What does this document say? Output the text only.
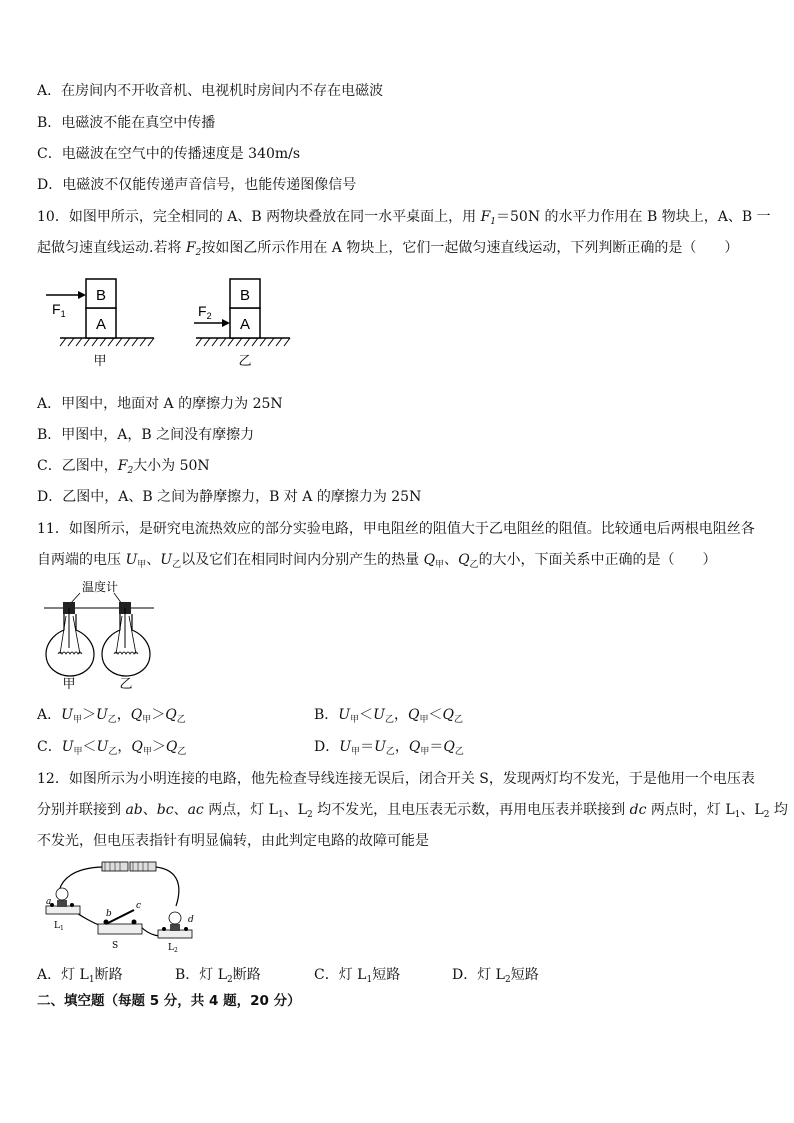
A．在房间内不开收音机、电视机时房间内不存在电磁波
B．电磁波不能在真空中传播
C．电磁波在空气中的传播速度是 340m/s
D．电磁波不仅能传递声音信号，也能传递图像信号
10．如图甲所示，完全相同的 A、B 两物块叠放在同一水平桌面上，用 $F_1=50N$ 的水平力作用在 B 物块上，A、B 一
起做匀速直线运动.若将 $F_2$按如图乙所示作用在 A 物块上，它们一起做匀速直线运动，下列判断正确的是（　　）
A
B
$F_1$
甲
A
B
$F_2$
乙
A．甲图中，地面对 A 的摩擦力为 25N
B．甲图中，A，B 之间没有摩擦力
C．乙图中，$F_2$大小为 50N
D．乙图中，A、B 之间为静摩擦力，B 对 A 的摩擦力为 25N
11．如图所示，是研究电流热效应的部分实验电路，甲电阻丝的阻值大于乙电阻丝的阻值。比较通电后两根电阻丝各
自两端的电压 $U_甲$、$U_乙$以及它们在相同时间内分别产生的热量 $Q_甲$、$Q_乙$的大小，下面关系中正确的是（　　）
温度计
甲	乙
A．$U_甲>U_乙$，$Q_甲>Q_乙$	B．$U_甲<U_乙$，$Q_甲<Q_乙$
C．$U_甲<U_乙$，$Q_甲>Q_乙$	D．$U_甲=U_乙$，$Q_甲=Q_乙$
12．如图所示为小明连接的电路，他先检查导线连接无误后，闭合开关 S，发现两灯均不发光，于是他用一个电压表
分别并联接到 ab、bc、ac 两点，灯 $L_1$、$L_2$ 均不发光，且电压表无示数，再用电压表并联接到 dc 两点时，灯 $L_1$、$L_2$ 均
不发光，但电压表指针有明显偏转，由此判定电路的故障可能是
a
$L_1$
b
c
S
d
$L_2$
A．灯 $L_1$断路	B．灯 $L_2$断路	C．灯 $L_1$短路	D．灯 $L_2$短路
二、填空题（每题 5 分，共 4 题，20 分）
